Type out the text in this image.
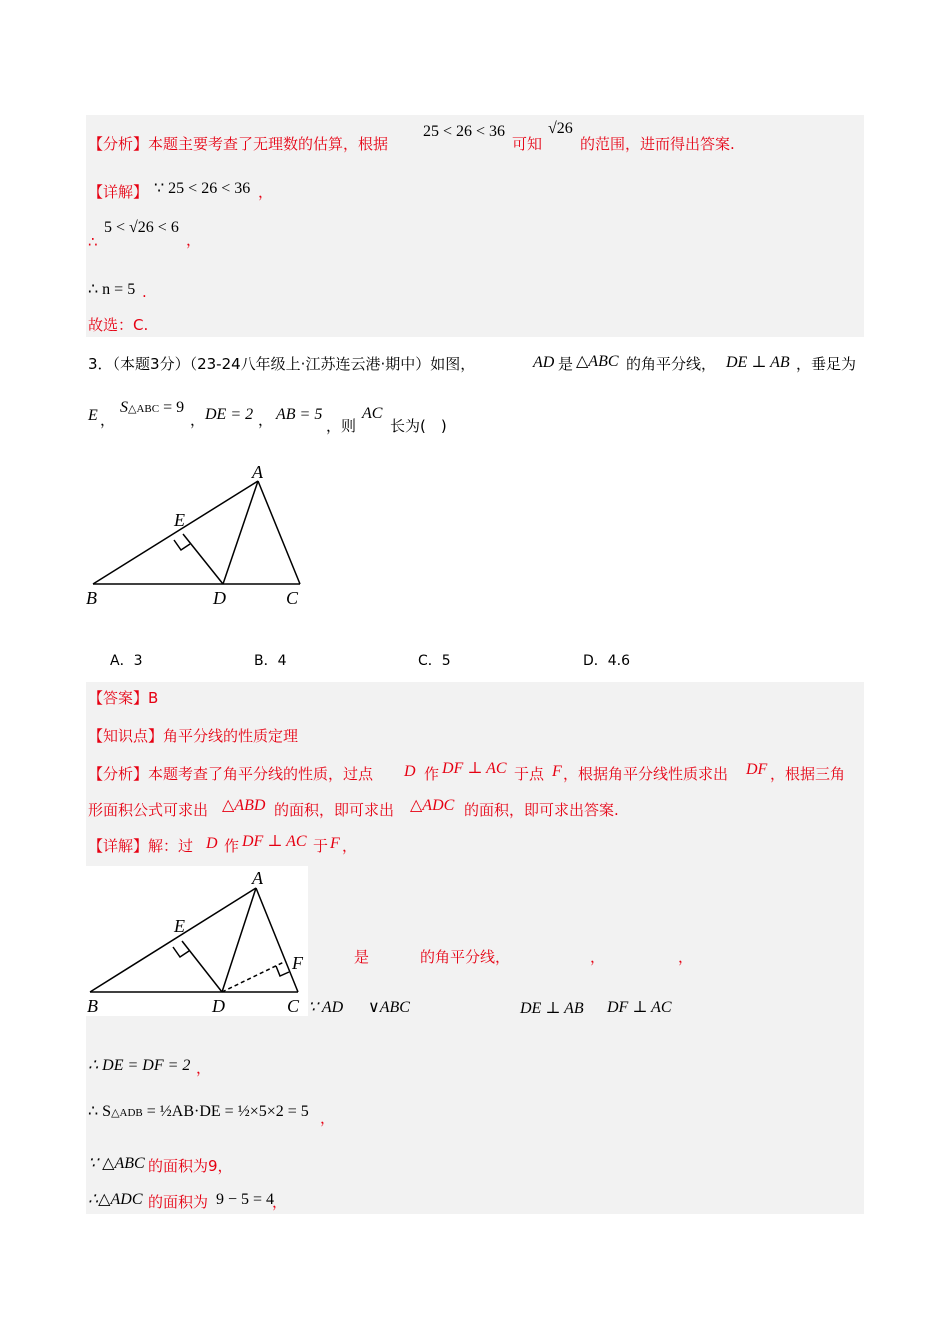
【分析】本题主要考查了无理数的估算，根据
25 < 26 < 36
可知
√26
的范围，进而得出答案.
【详解】 ∵ 25 < 26 < 36 ，
∴
5 < √26 < 6
，
∴ n = 5 .
故选：C.
3．（本题3分）（23-24八年级上·江苏连云港·期中）如图，	AD 是 △ABC 的角平分线， DE ⊥ AB ，垂足为
E ，
S△ABC = 9
， DE = 2 ， AB = 5
，则
AC
长为(　)
A
E
B	D	C
A．3	B．4	C．5	D．4.6
【答案】B
【知识点】角平分线的性质定理
【分析】本题考查了角平分线的性质，过点 D 作 DF ⊥ AC 于点 F ，根据角平分线性质求出 DF ，根据三角
形面积公式可求出 △ABD 的面积，即可求出 △ADC 的面积，即可求出答案.
【详解】解：过 D 作 DF ⊥ AC 于 F ，
A
E
F
B	D	C
是	的角平分线，	，	，
∵ AD ∨ABC	DE ⊥ AB DF ⊥ AC
∴ DE = DF = 2 ，
∴ S△ADB = ½AB·DE = ½×5×2 = 5 ，
∵ △ABC 的面积为9，
∴△ADC 的面积为 9 − 5 = 4
，
